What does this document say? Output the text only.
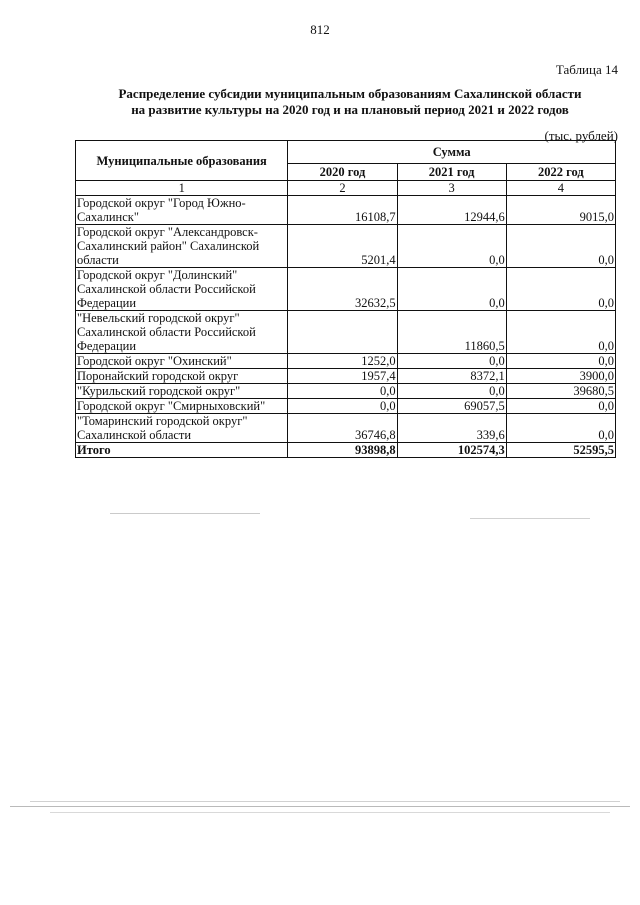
812
Таблица 14
Распределение субсидии муниципальным образованиям Сахалинской области
на развитие культуры на 2020 год и на плановый период 2021 и 2022 годов
(тыс. рублей)
Муниципальные образования	Сумма		
	2020 год	2021 год	2022 год
1	2	3	4
Городской округ "Город Южно-Сахалинск"	16108,7	12944,6	9015,0
Городской округ "Александровск-Сахалинский район" Сахалинской области	5201,4	0,0	0,0
Городской округ "Долинский" Сахалинской области Российской Федерации	32632,5	0,0	0,0
"Невельский городской округ" Сахалинской области Российской Федерации		11860,5	0,0
Городской округ "Охинский"	1252,0	0,0	0,0
Поронайский городской округ	1957,4	8372,1	3900,0
"Курильский городской округ"	0,0	0,0	39680,5
Городской округ "Смирныховский"	0,0	69057,5	0,0
"Томаринский городской округ" Сахалинской области	36746,8	339,6	0,0
Итого	93898,8	102574,3	52595,5
